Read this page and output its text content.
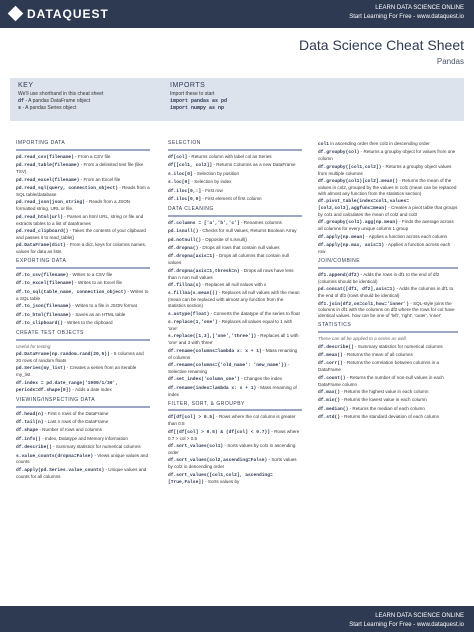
DATAQUEST	LEARN DATA SCIENCE ONLINE
Start Learning For Free - www.dataquest.io
Data Science Cheat Sheet
Pandas
KEY
We'll use shorthand in this cheat sheet
df - A pandas DataFrame object
s - A pandas Series object
IMPORTS
Import these to start
import pandas as pd
import numpy as np
IMPORTING DATA
pd.read_csv(filename) - From a CSV file
pd.read_table(filename) - From a delimited text file (like TSV)
pd.read_excel(filename) - From an Excel file
pd.read_sql(query, connection_object) - Reads from a SQL table/database
pd.read_json(json_string) - Reads from a JSON formatted string, URL or file.
pd.read_html(url) - Parses an html URL, string or file and extracts tables to a list of dataframes
pd.read_clipboard() - Takes the contents of your clipboard and passes it to read_table()
pd.DataFrame(dict) - From a dict, keys for columns names, values for data as lists
EXPORTING DATA
df.to_csv(filename) - Writes to a CSV file
df.to_excel(filename) - Writes to an Excel file
df.to_sql(table_name, connection_object) - Writes to a SQL table
df.to_json(filename) - Writes to a file in JSON format
df.to_html(filename) - Saves as an HTML table
df.to_clipboard() - Writes to the clipboard
CREATE TEST OBJECTS
Useful for testing
pd.DataFrame(np.random.rand(20,5)) - 5 columns and 20 rows of random floats
pd.Series(my_list) - Creates a series from an iterable my_list
df.index = pd.date_range('1900/1/30', periods=df.shape[0]) - Adds a date index
VIEWING/INSPECTING DATA
df.head(n) - First n rows of the DataFrame
df.tail(n) - Last n rows of the DataFrame
df.shape - Number of rows and columns
df.info() - Index, Datatype and Memory information
df.describe() - Summary statistics for numerical columns
s.value_counts(dropna=False) - Views unique values and counts
df.apply(pd.Series.value_counts) - Unique values and counts for all columns
SELECTION
df[col] - Returns column with label col as Series
df[[col1, col2]] - Returns Columns as a new DataFrame
s.iloc[0] - Selection by position
s.loc[0] - Selection by index
df.iloc[0,:] - First row
df.iloc[0,0] - First element of first column
DATA CLEANING
df.columns = ['a','b','c'] - Renames columns
pd.isnull() - Checks for null Values, Returns Boolean Array
pd.notnull() - Opposite of s.isnull()
df.dropna() - Drops all rows that contain null values
df.dropna(axis=1) - Drops all columns that contain null values
df.dropna(axis=1,thresh=n) - Drops all rows have less than n non null values
df.fillna(x) - Replaces all null values with x
s.fillna(s.mean()) - Replaces all null values with the mean (mean can be replaced with almost any function from the statistics section)
s.astype(float) - Converts the datatype of the series to float
s.replace(1,'one') - Replaces all values equal to 1 with 'one'
s.replace([1,3],['one','three']) - Replaces all 1 with 'one' and 3 with 'three'
df.rename(columns=lambda x: x + 1) - Mass renaming of columns
df.rename(columns={'old_name': 'new_name'}) - Selective renaming
df.set_index('column_one') - Changes the index
df.rename(index=lambda x: x + 1) - Mass renaming of index
FILTER, SORT, & GROUPBY
df[df[col] > 0.5] - Rows where the col column is greater than 0.5
df[(df[col] > 0.5) & (df[col] < 0.7)] - Rows where 0.7 > col > 0.5
df.sort_values(col1) - Sorts values by col1 in ascending order
df.sort_values(col2,ascending=False) - Sorts values by col2 in descending order
df.sort_values([col1,col2], ascending=[True,False]) - Sorts values by
col1 in ascending order then col2 in descending order
df.groupby(col) - Returns a groupby object for values from one column
df.groupby([col1,col2]) - Returns a groupby object values from multiple columns
df.groupby(col1)[col2].mean() - Returns the mean of the values in col2, grouped by the values in col1 (mean can be replaced with almost any function from the statistics section)
df.pivot_table(index=col1,values=[col2,col3],aggfunc=mean) - Creates a pivot table that groups by col1 and calculates the mean of col2 and col3
df.groupby(col1).agg(np.mean) - Finds the average across all columns for every unique column 1 group
df.apply(np.mean) - Applies a function across each column
df.apply(np.max, axis=1) - Applies a function across each row
JOIN/COMBINE
df1.append(df2) - Adds the rows in df1 to the end of df2 (columns should be identical)
pd.concat([df1, df2],axis=1) - Adds the columns in df1 to the end of df2 (rows should be identical)
df1.join(df2,on=col1,how='inner') - SQL-style joins the columns in df1 with the columns on df2 where the rows for col have identical values. how can be one of 'left', 'right', 'outer', 'inner'
STATISTICS
These can all be applied to a series as well.
df.describe() - Summary statistics for numerical columns
df.mean() - Returns the mean of all columns
df.corr() - Returns the correlation between columns in a DataFrame
df.count() - Returns the number of non-null values in each DataFrame column
df.max() - Returns the highest value in each column
df.min() - Returns the lowest value in each column
df.median() - Returns the median of each column
df.std() - Returns the standard deviation of each column
LEARN DATA SCIENCE ONLINE
Start Learning For Free - www.dataquest.io
